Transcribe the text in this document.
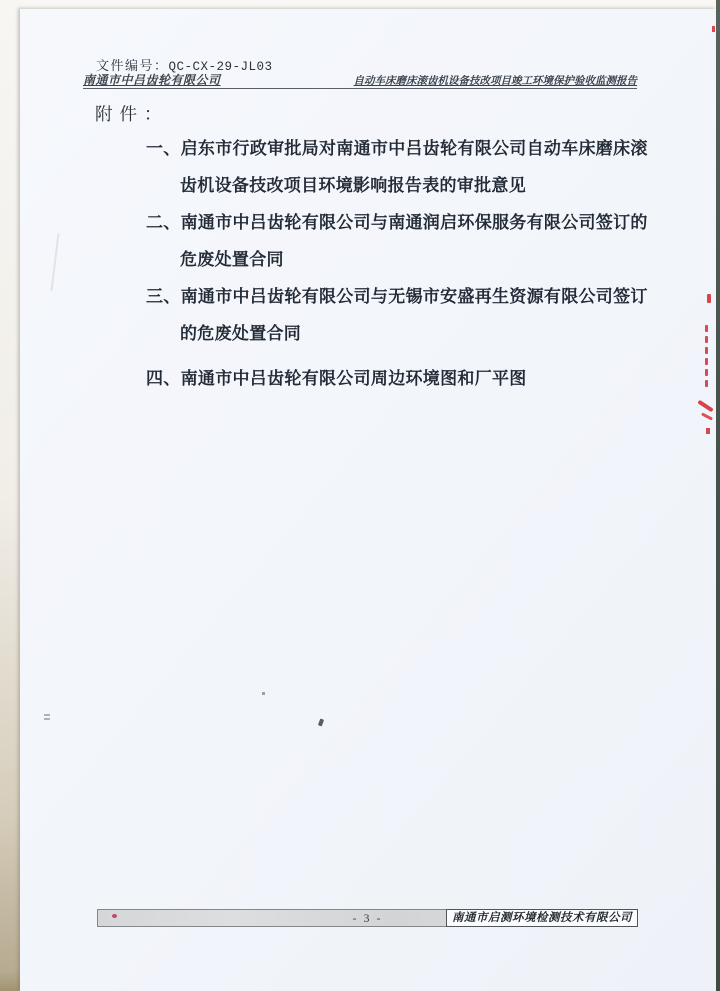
文件编号：QC-CX-29-JL03
南通市中吕齿轮有限公司	自动车床磨床滚齿机设备技改项目竣工环境保护验收监测报告
附件：
一、启东市行政审批局对南通市中吕齿轮有限公司自动车床磨床滚
齿机设备技改项目环境影响报告表的审批意见
二、南通市中吕齿轮有限公司与南通润启环保服务有限公司签订的
危废处置合同
三、南通市中吕齿轮有限公司与无锡市安盛再生资源有限公司签订
的危废处置合同
四、南通市中吕齿轮有限公司周边环境图和厂平图
- 3 -	南通市启测环境检测技术有限公司
